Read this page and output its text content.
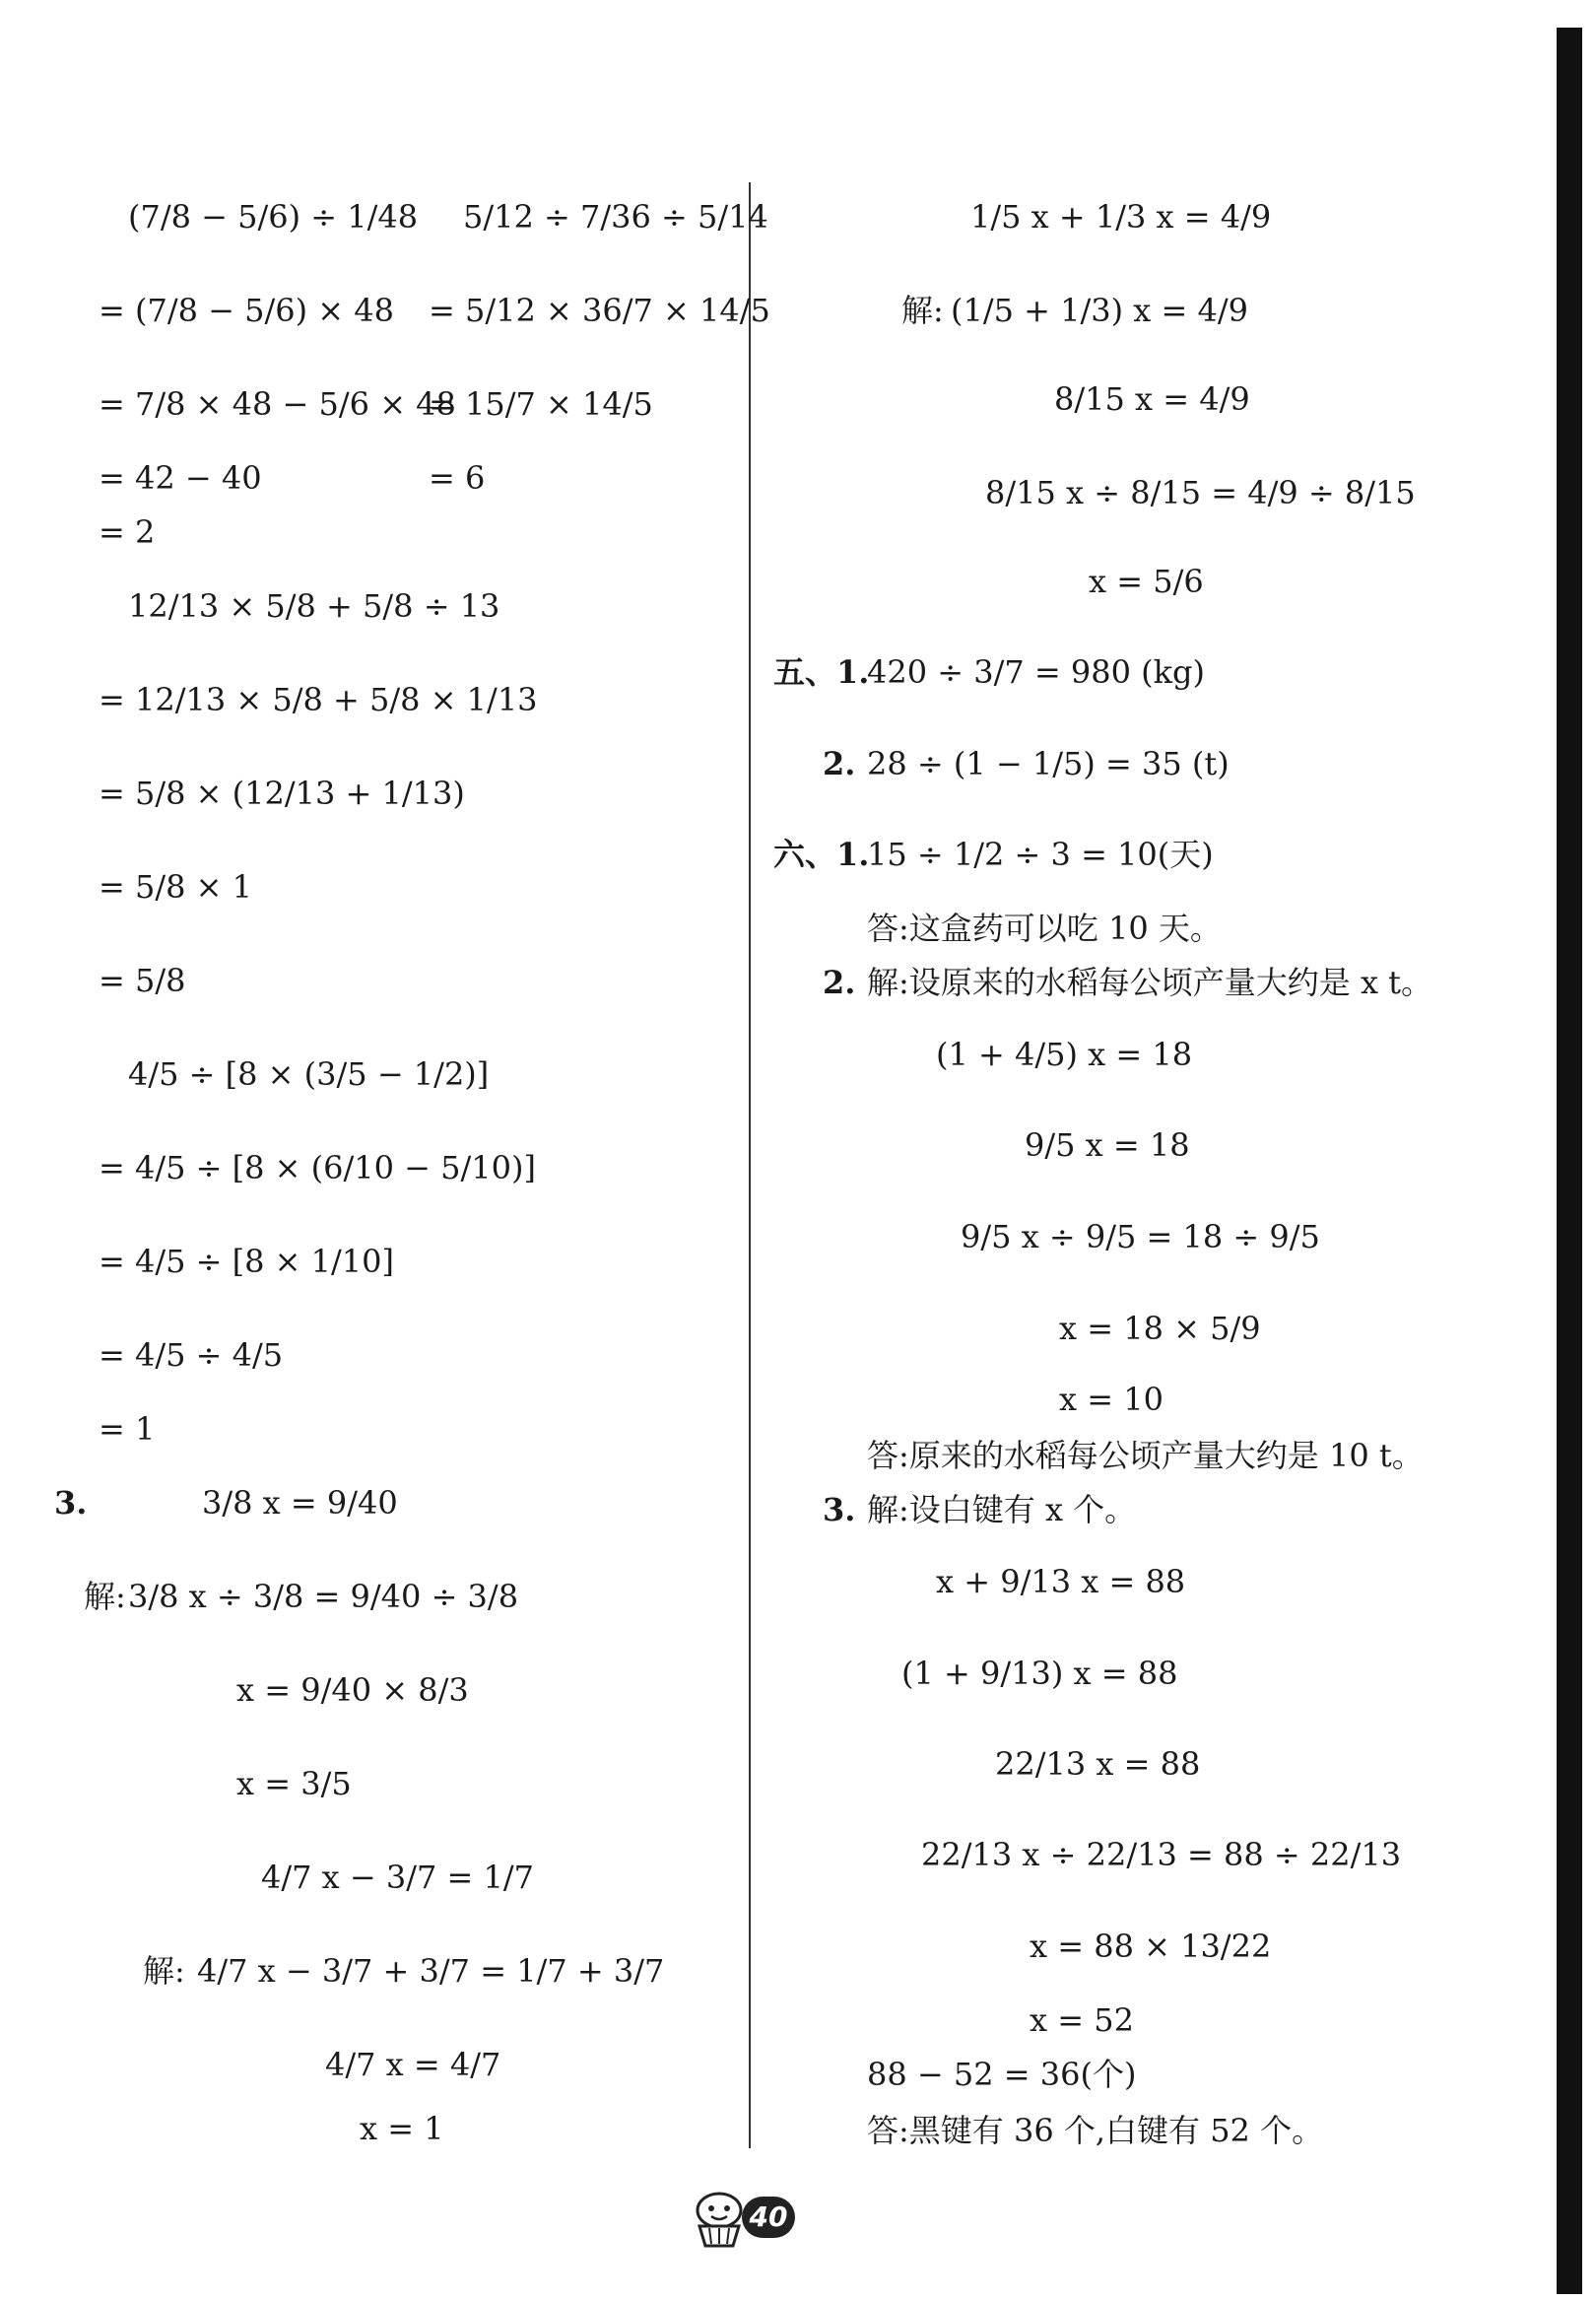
(7/8 − 5/6) ÷ 1/48
= (7/8 − 5/6) × 48
= 7/8 × 48 − 5/6 × 48
= 42 − 40
= 2
12/13 × 5/8 + 5/8 ÷ 13
= 12/13 × 5/8 + 5/8 × 1/13
= 5/8 × (12/13 + 1/13)
= 5/8 × 1
= 5/8
4/5 ÷ [8 × (3/5 − 1/2)]
= 4/5 ÷ [8 × (6/10 − 5/10)]
= 4/5 ÷ [8 × 1/10]
= 4/5 ÷ 4/5
= 1
3.	3/8 x = 9/40
解: 3/8 x ÷ 3/8 = 9/40 ÷ 3/8
x = 9/40 × 8/3
x = 3/5
4/7 x − 3/7 = 1/7
解: 4/7 x − 3/7 + 3/7 = 1/7 + 3/7
4/7 x = 4/7
x = 1
5/12 ÷ 7/36 ÷ 5/14
= 5/12 × 36/7 × 14/5
= 15/7 × 14/5
= 6
1/5 x + 1/3 x = 4/9
解: (1/5 + 1/3) x = 4/9
8/15 x = 4/9
8/15 x ÷ 8/15 = 4/9 ÷ 8/15
x = 5/6
五、1.
420 ÷ 3/7 = 980 (kg)
2. 28 ÷ (1 − 1/5) = 35 (t)
六、1.
15 ÷ 1/2 ÷ 3 = 10(天)
答:这盒药可以吃 10 天。
2. 解:设原来的水稻每公顷产量大约是 x t。
(1 + 4/5) x = 18
9/5 x = 18
9/5 x ÷ 9/5 = 18 ÷ 9/5
x = 18 × 5/9
x = 10
答:原来的水稻每公顷产量大约是 10 t。
3. 解:设白键有 x 个。
x + 9/13 x = 88
(1 + 9/13) x = 88
22/13 x = 88
22/13 x ÷ 22/13 = 88 ÷ 22/13
x = 88 × 13/22
x = 52
88 − 52 = 36(个)
答:黑键有 36 个,白键有 52 个。
40
